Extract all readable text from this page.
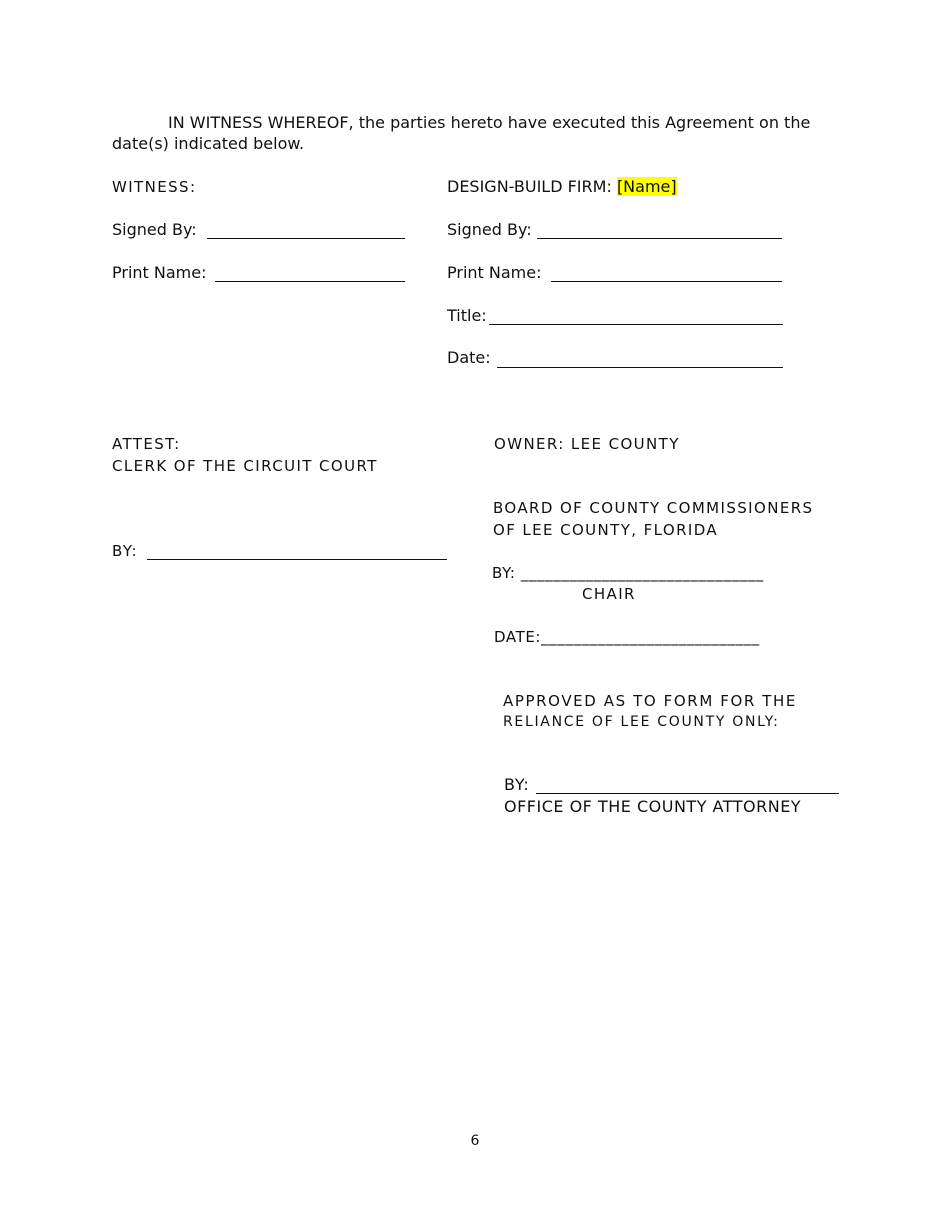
IN WITNESS WHEREOF, the parties hereto have executed this Agreement on the date(s) indicated below.
WITNESS:
Signed By:
Print Name:
DESIGN-BUILD FIRM: [Name]
Signed By:
Print Name:
Title:
Date:
ATTEST:
CLERK OF THE CIRCUIT COURT
BY:
OWNER: LEE COUNTY
BOARD OF COUNTY COMMISSIONERS
OF LEE COUNTY, FLORIDA
BY: ______________________________
CHAIR
DATE:___________________________
APPROVED AS TO FORM FOR THE
RELIANCE OF LEE COUNTY ONLY:
BY:
OFFICE OF THE COUNTY ATTORNEY
6
